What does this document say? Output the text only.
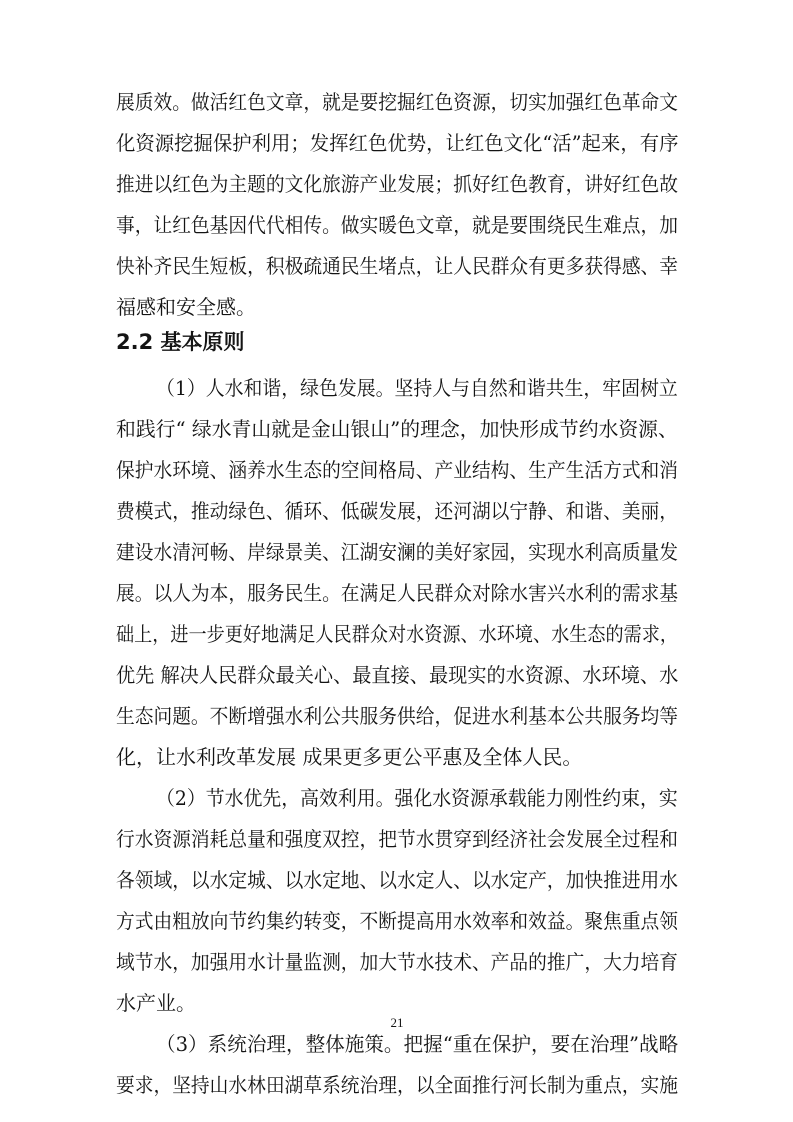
2.2 基本原则
21
展质效。做活红色文章，就是要挖掘红色资源，切实加强红色革命文
化资源挖掘保护利用；发挥红色优势，让红色文化“活”起来，有序
推进以红色为主题的文化旅游产业发展；抓好红色教育，讲好红色故
事，让红色基因代代相传。做实暖色文章，就是要围绕民生难点，加
快补齐民生短板，积极疏通民生堵点，让人民群众有更多获得感、幸
福感和安全感。
（1）人水和谐，绿色发展。坚持人与自然和谐共生，牢固树立
和践行“ 绿水青山就是金山银山”的理念，加快形成节约水资源、
保护水环境、涵养水生态的空间格局、产业结构、生产生活方式和消
费模式，推动绿色、循环、低碳发展，还河湖以宁静、和谐、美丽，
建设水清河畅、岸绿景美、江湖安澜的美好家园，实现水利高质量发
展。以人为本，服务民生。在满足人民群众对除水害兴水利的需求基
础上，进一步更好地满足人民群众对水资源、水环境、水生态的需求，
优先 解决人民群众最关心、最直接、最现实的水资源、水环境、水
生态问题。不断增强水利公共服务供给，促进水利基本公共服务均等
化，让水利改革发展 成果更多更公平惠及全体人民。
（2）节水优先，高效利用。强化水资源承载能力刚性约束，实
行水资源消耗总量和强度双控，把节水贯穿到经济社会发展全过程和
各领域，以水定城、以水定地、以水定人、以水定产，加快推进用水
方式由粗放向节约集约转变，不断提高用水效率和效益。聚焦重点领
域节水，加强用水计量监测，加大节水技术、产品的推广，大力培育
水产业。
（3）系统治理，整体施策。把握“重在保护，要在治理”战略
要求，坚持山水林田湖草系统治理，以全面推行河长制为重点，实施
